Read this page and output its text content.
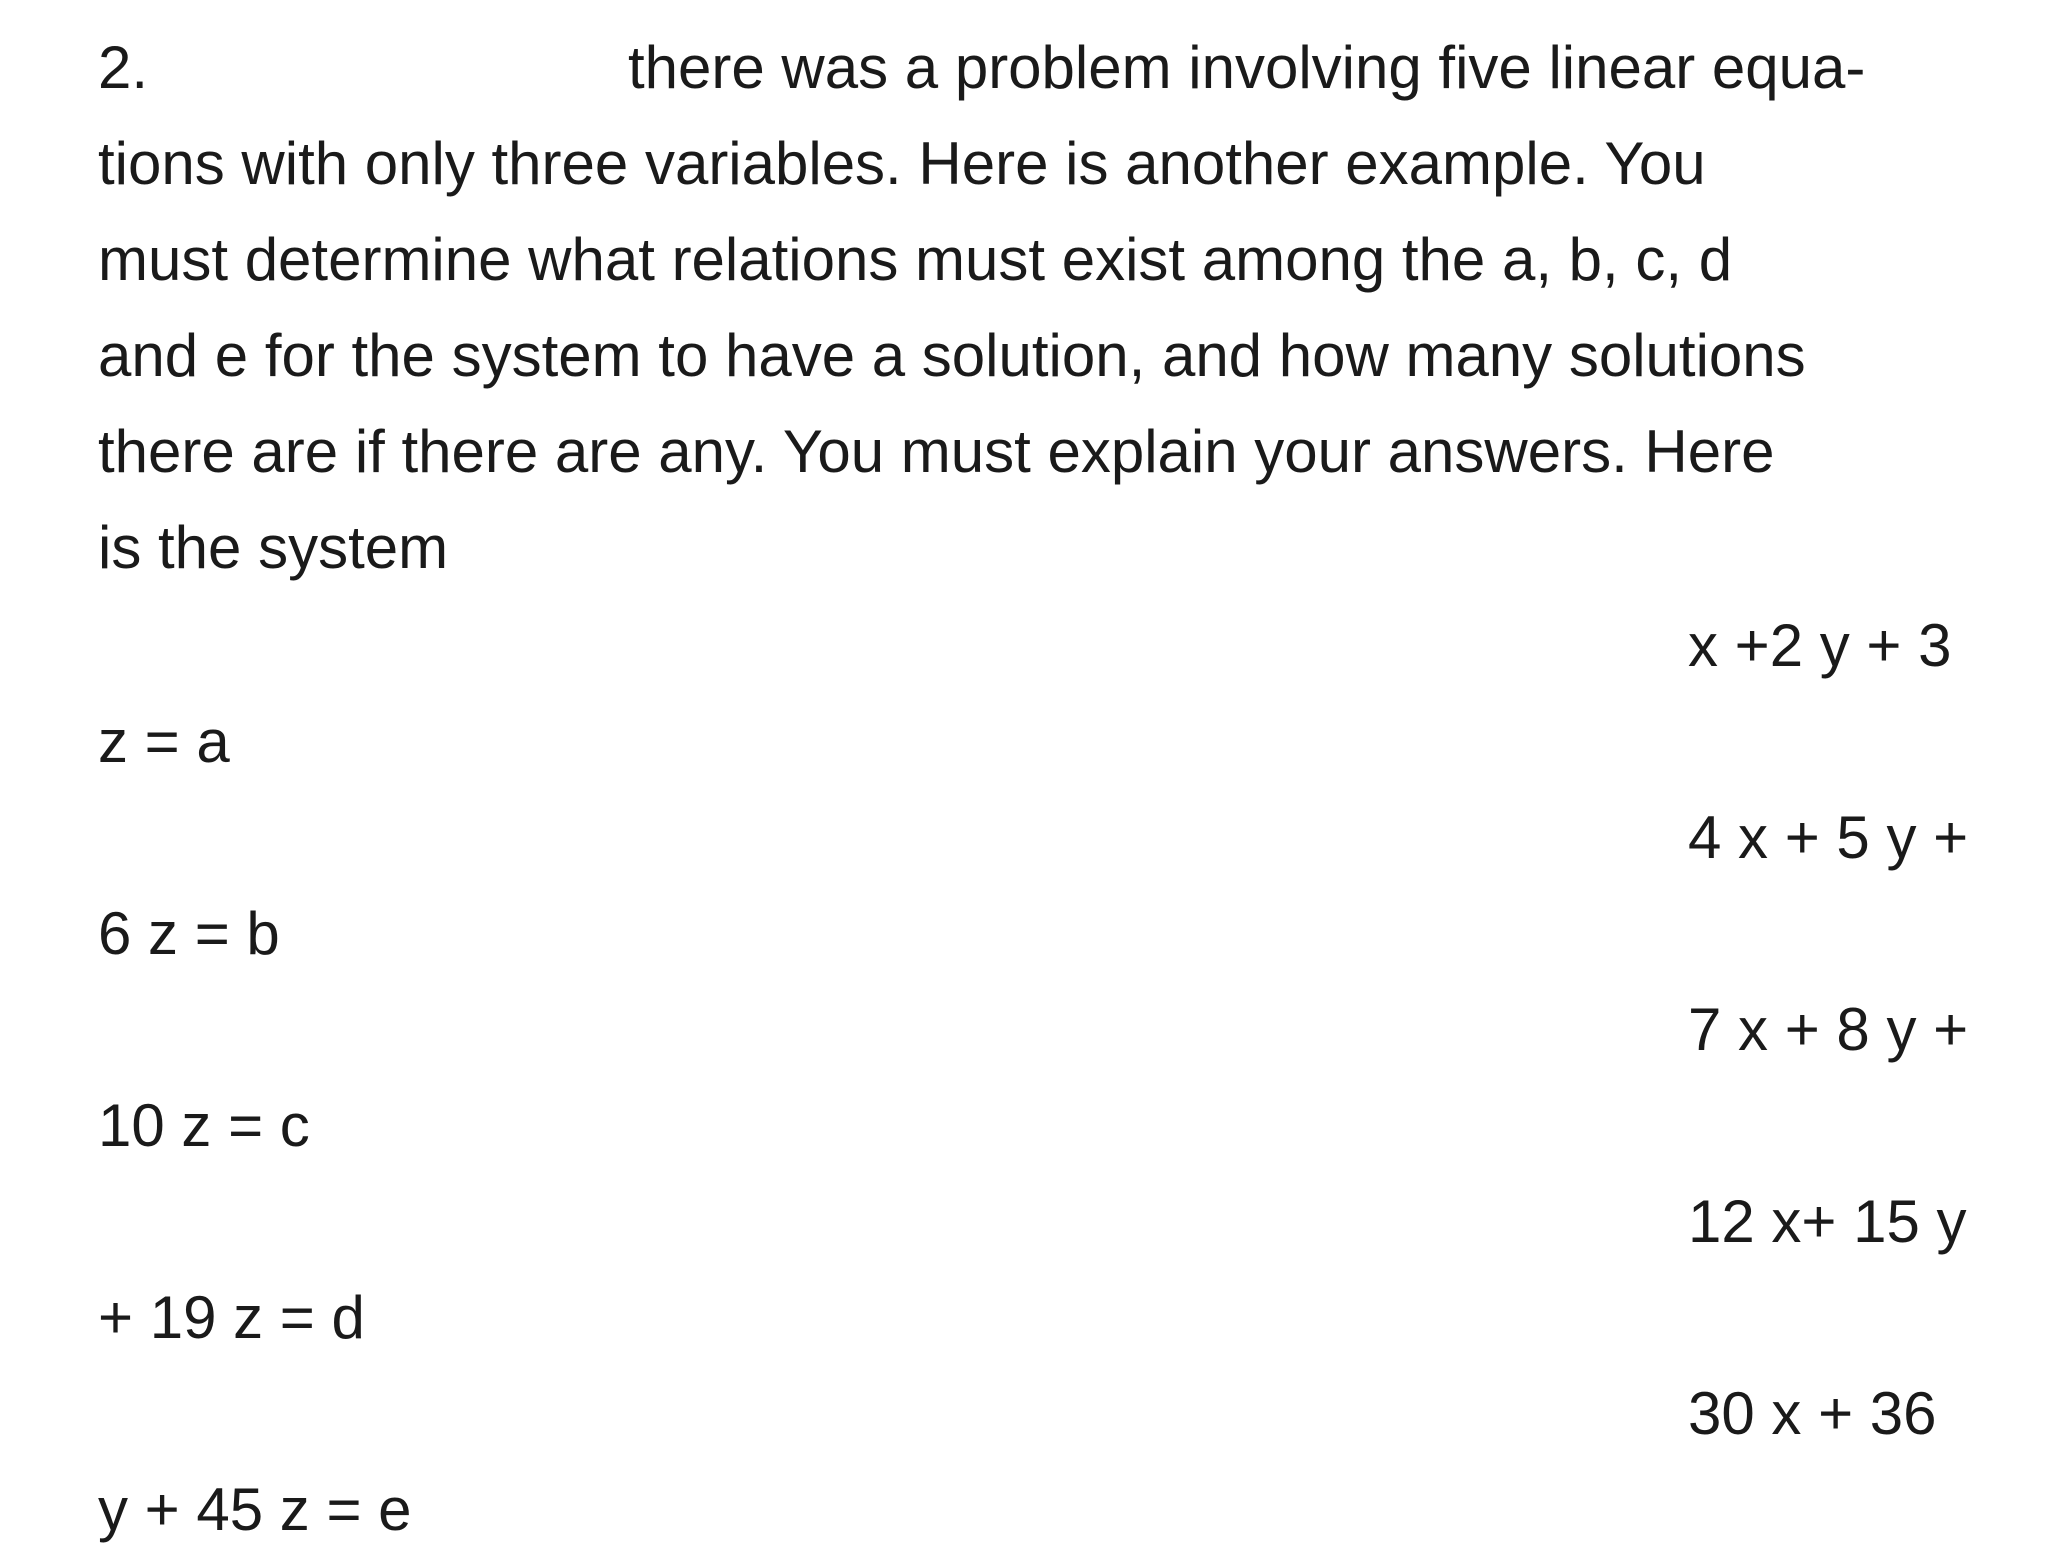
2.	there was a problem involving five linear equa-
tions with only three variables. Here is another example. You
must determine what relations must exist among the a, b, c, d
and e for the system to have a solution, and how many solutions
there are if there are any. You must explain your answers. Here
is the system
x +2 y + 3
z = a
4 x + 5 y +
6 z = b
7 x + 8 y +
10 z = c
12 x+ 15 y
+ 19 z = d
30 x + 36
y + 45 z = e
